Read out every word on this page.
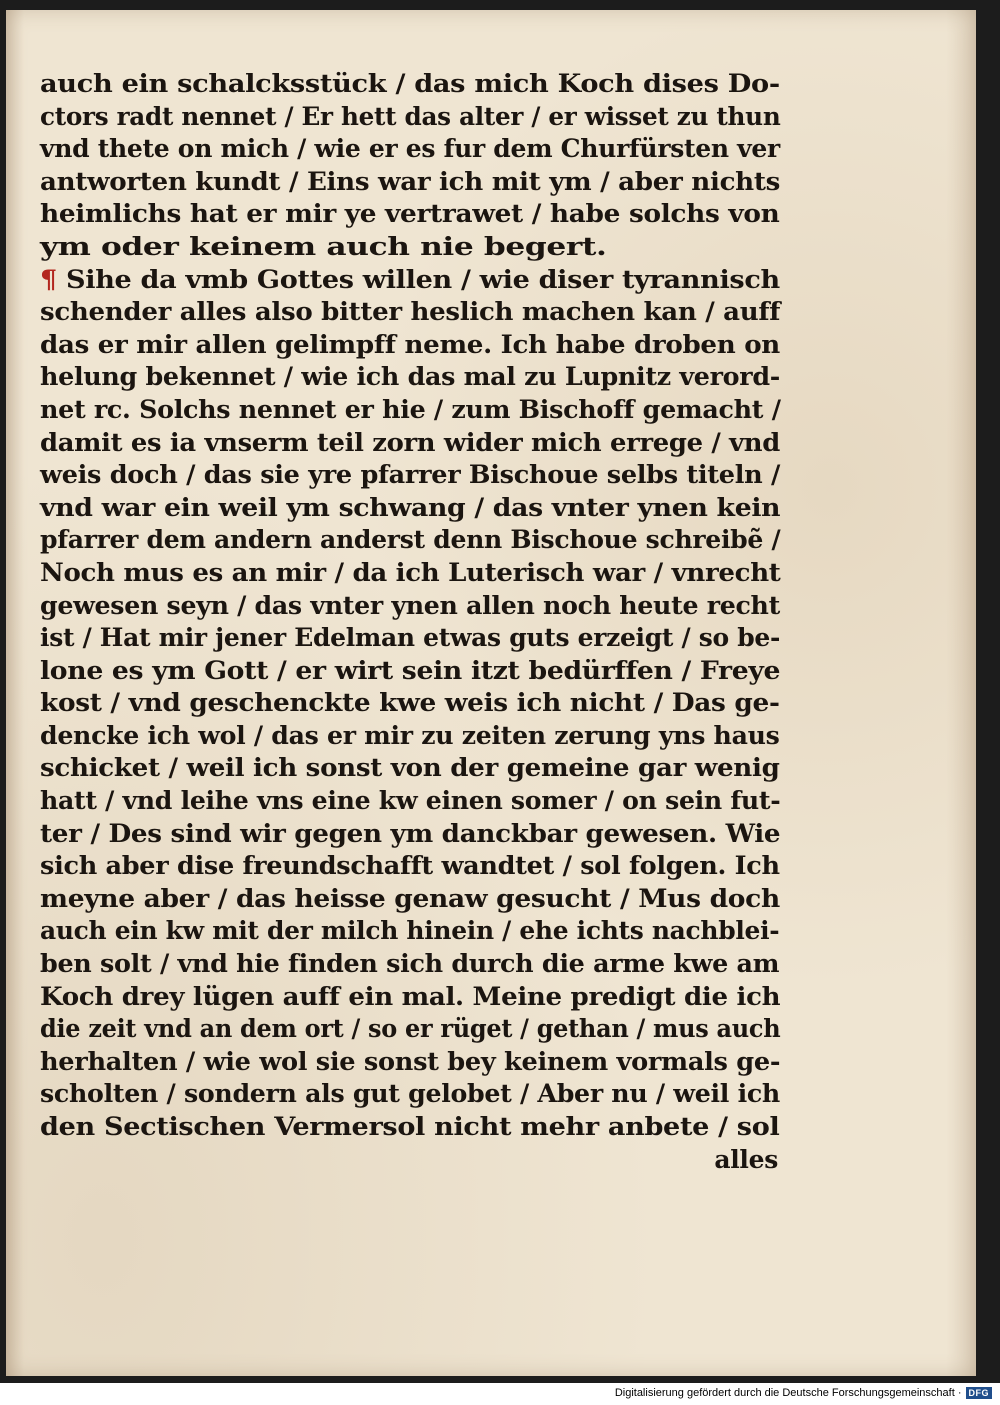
auch ein schalcksstück / das mich Koch dises Do-
ctors radt nennet / Er hett das alter / er wisset zu thun
vnd thete on mich / wie er es fur dem Churfürsten ver
antworten kundt / Eins war ich mit ym / aber nichts
heimlichs hat er mir ye vertrawet / habe solchs von
ym oder keinem auch nie begert.
¶ Sihe da vmb Gottes willen / wie diser tyrannisch
schender alles also bitter heslich machen kan / auff
das er mir allen gelimpff neme. Ich habe droben on
helung bekennet / wie ich das mal zu Lupnitz verord-
net rc. Solchs nennet er hie / zum Bischoff gemacht /
damit es ia vnserm teil zorn wider mich errege / vnd
weis doch / das sie yre pfarrer Bischoue selbs titeln /
vnd war ein weil ym schwang / das vnter ynen kein
pfarrer dem andern anderst denn Bischoue schreibẽ /
Noch mus es an mir / da ich Luterisch war / vnrecht
gewesen seyn / das vnter ynen allen noch heute recht
ist / Hat mir jener Edelman etwas guts erzeigt / so be-
lone es ym Gott / er wirt sein itzt bedürffen / Freye
kost / vnd geschenckte kwe weis ich nicht / Das ge-
dencke ich wol / das er mir zu zeiten zerung yns haus
schicket / weil ich sonst von der gemeine gar wenig
hatt / vnd leihe vns eine kw einen somer / on sein fut-
ter / Des sind wir gegen ym danckbar gewesen. Wie
sich aber dise freundschafft wandtet / sol folgen. Ich
meyne aber / das heisse genaw gesucht / Mus doch
auch ein kw mit der milch hinein / ehe ichts nachblei-
ben solt / vnd hie finden sich durch die arme kwe am
Koch drey lügen auff ein mal. Meine predigt die ich
die zeit vnd an dem ort / so er rüget / gethan / mus auch
herhalten / wie wol sie sonst bey keinem vormals ge-
scholten / sondern als gut gelobet / Aber nu / weil ich
den Sectischen Vermersol nicht mehr anbete / sol
alles
Digitalisierung gefördert durch die Deutsche Forschungsgemeinschaft · DFG
